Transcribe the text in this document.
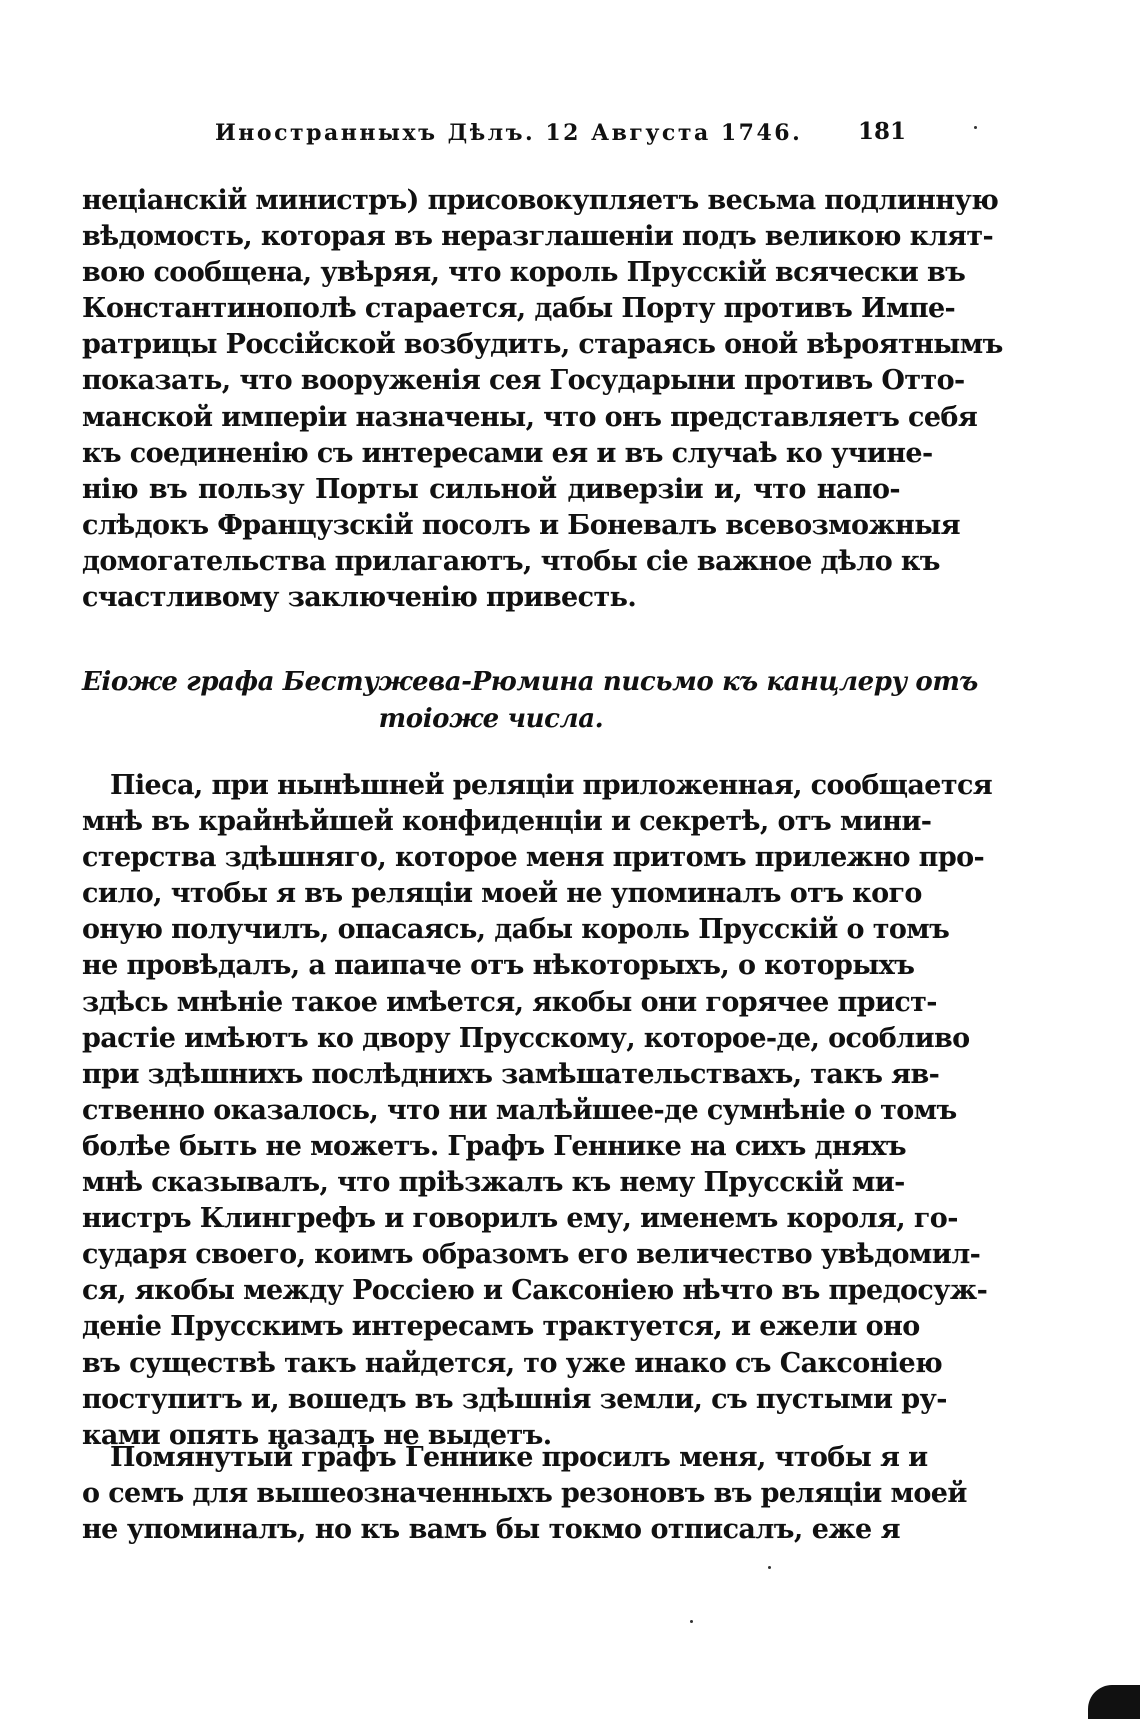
Иностранныхъ Дѣлъ. 12 Августа 1746. 181
неціанскій министръ) присовокупляетъ весьма подлинную
вѣдомость, которая въ неразглашеніи подъ великою клят-
вою сообщена, увѣряя, что король Прусскій всячески въ
Константинополѣ старается, дабы Порту противъ Импе-
ратрицы Россійской возбудить, стараясь оной вѣроятнымъ
показать, что вооруженія сея Государыни противъ Отто-
манской имперіи назначены, что онъ представляетъ себя
къ соединенію съ интересами ея и въ случаѣ ко учине-
нію въ пользу Порты сильной диверзіи и, что напо-
слѣдокъ Французскій посолъ и Боневалъ всевозможныя
домогательства прилагаютъ, чтобы сіе важное дѣло къ
счастливому заключенію привесть.
Еіоже графа Бестужева-Рюмина письмо къ канцлеру отъ
тоіоже числа.
Піеса, при нынѣшней реляціи приложенная, сообщается
мнѣ въ крайнѣйшей конфиденціи и секретѣ, отъ мини-
стерства здѣшняго, которое меня притомъ прилежно про-
сило, чтобы я въ реляціи моей не упоминалъ отъ кого
оную получилъ, опасаясь, дабы король Прусскій о томъ
не провѣдалъ, а паипаче отъ нѣкоторыхъ, о которыхъ
здѣсь мнѣніе такое имѣется, якобы они горячее прист-
растіе имѣютъ ко двору Прусскому, которое-де, особливо
при здѣшнихъ послѣднихъ замѣшательствахъ, такъ яв-
ственно оказалось, что ни малѣйшее-де сумнѣніе о томъ
болѣе быть не можетъ. Графъ Генникe на сихъ дняхъ
мнѣ сказывалъ, что пріѣзжалъ къ нему Прусскій ми-
нистръ Клингрефъ и говорилъ ему, именемъ короля, го-
сударя своего, коимъ образомъ его величество увѣдомил-
ся, якобы между Россіею и Саксоніею нѣчто въ предосуж-
деніе Прусскимъ интересамъ трактуется, и ежели оно
въ существѣ такъ найдется, то уже инако съ Саксоніею
поступитъ и, вошедъ въ здѣшнія земли, съ пустыми ру-
ками опять назадъ не выдетъ.
Помянутый графъ Генникe просилъ меня, чтобы я и
о семъ для вышеозначенныхъ резоновъ въ реляціи моей
не упоминалъ, но къ вамъ бы токмо отписалъ, еже я
